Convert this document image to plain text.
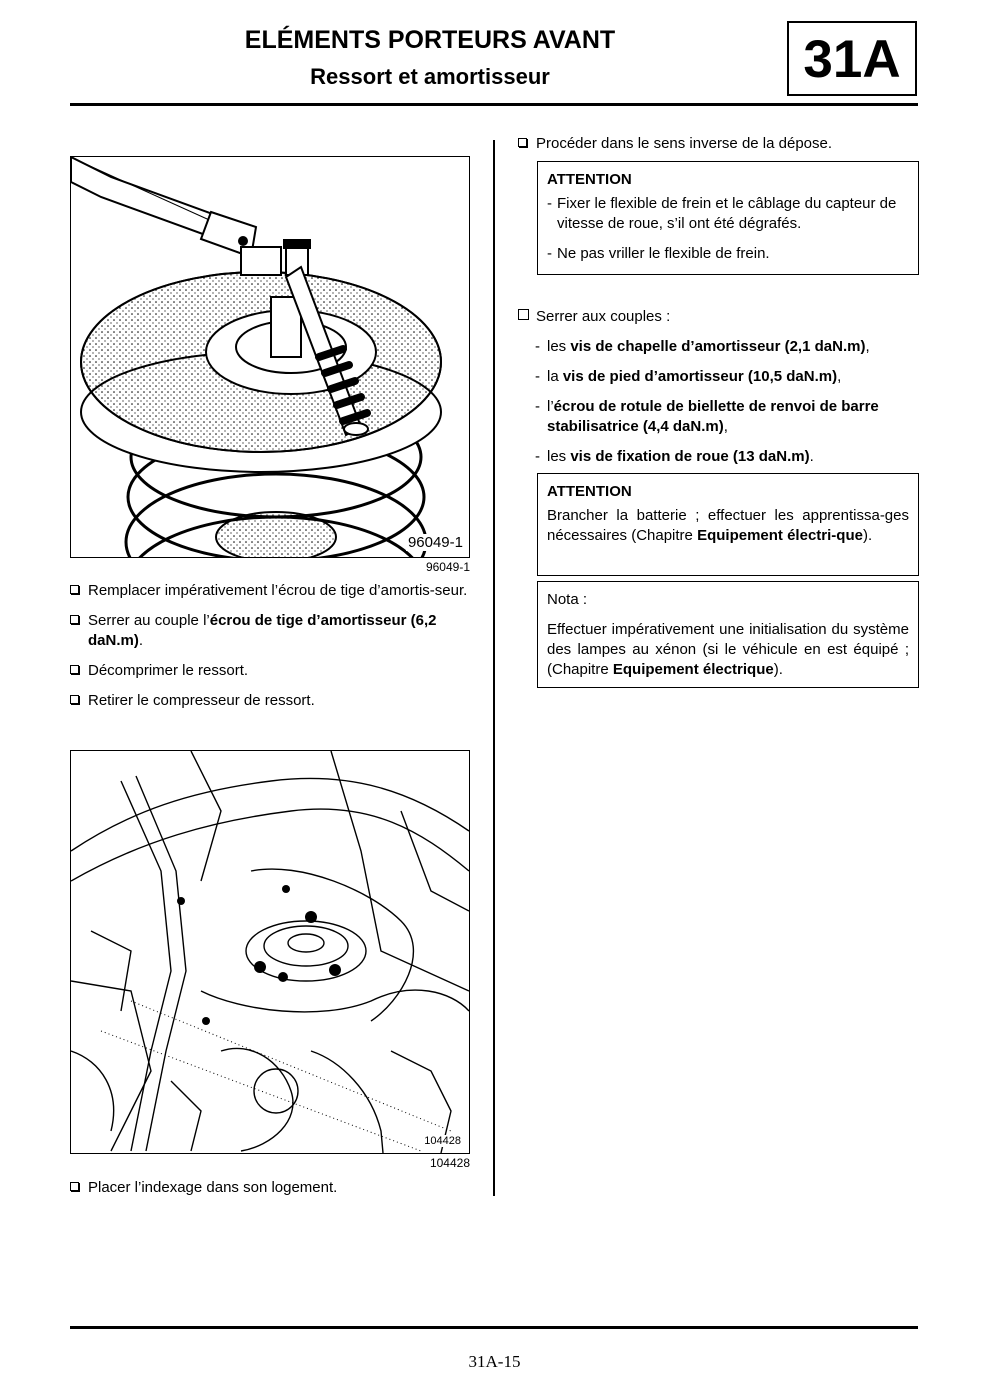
ELÉMENTS PORTEURS AVANT
Ressort et amortisseur	31A
96049-1
96049-1
Remplacer impérativement l’écrou de tige d’amortis-seur.
Serrer au couple l’écrou de tige d’amortisseur (6,2 daN.m).
Décomprimer le ressort.
Retirer le compresseur de ressort.
104428
104428
Placer l’indexage dans son logement.
Procéder dans le sens inverse de la dépose.
ATTENTION
- Fixer le flexible de frein et le câblage du capteur de vitesse de roue, s’il ont été dégrafés.
- Ne pas vriller le flexible de frein.
Serrer aux couples :
- les vis de chapelle d’amortisseur (2,1 daN.m),
- la vis de pied d’amortisseur (10,5 daN.m),
- l’écrou de rotule de biellette de renvoi de barre stabilisatrice (4,4 daN.m),
- les vis de fixation de roue (13 daN.m).
ATTENTION
Brancher la batterie ; effectuer les apprentissa-ges nécessaires (Chapitre Equipement électri-que).
Nota :
Effectuer impérativement une initialisation du système des lampes au xénon (si le véhicule en est équipé ; (Chapitre Equipement électrique).
31A-15
